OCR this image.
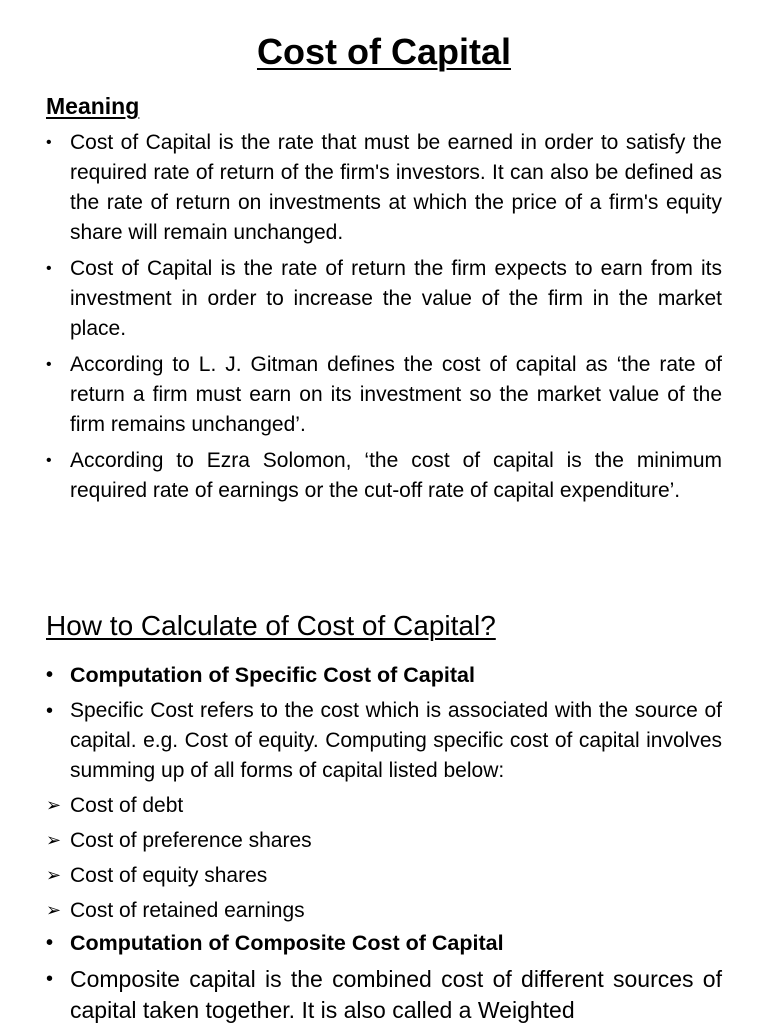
Cost of Capital
Meaning
• Cost of Capital is the rate that must be earned in order to satisfy the required rate of return of the firm's investors. It can also be defined as the rate of return on investments at which the price of a firm's equity share will remain unchanged.
• Cost of Capital is the rate of return the firm expects to earn from its investment in order to increase the value of the firm in the market place.
• According to L. J. Gitman defines the cost of capital as ‘the rate of return a firm must earn on its investment so the market value of the firm remains unchanged’.
• According to Ezra Solomon, ‘the cost of capital is the minimum required rate of earnings or the cut-off rate of capital expenditure’.
How to Calculate of Cost of Capital?
• Computation of Specific Cost of Capital
• Specific Cost refers to the cost which is associated with the source of capital. e.g. Cost of equity. Computing specific cost of capital involves summing up of all forms of capital listed below:
➢ Cost of debt
➢ Cost of preference shares
➢ Cost of equity shares
➢ Cost of retained earnings
• Computation of Composite Cost of Capital
• Composite capital is the combined cost of different sources of capital taken together. It is also called a Weighted
